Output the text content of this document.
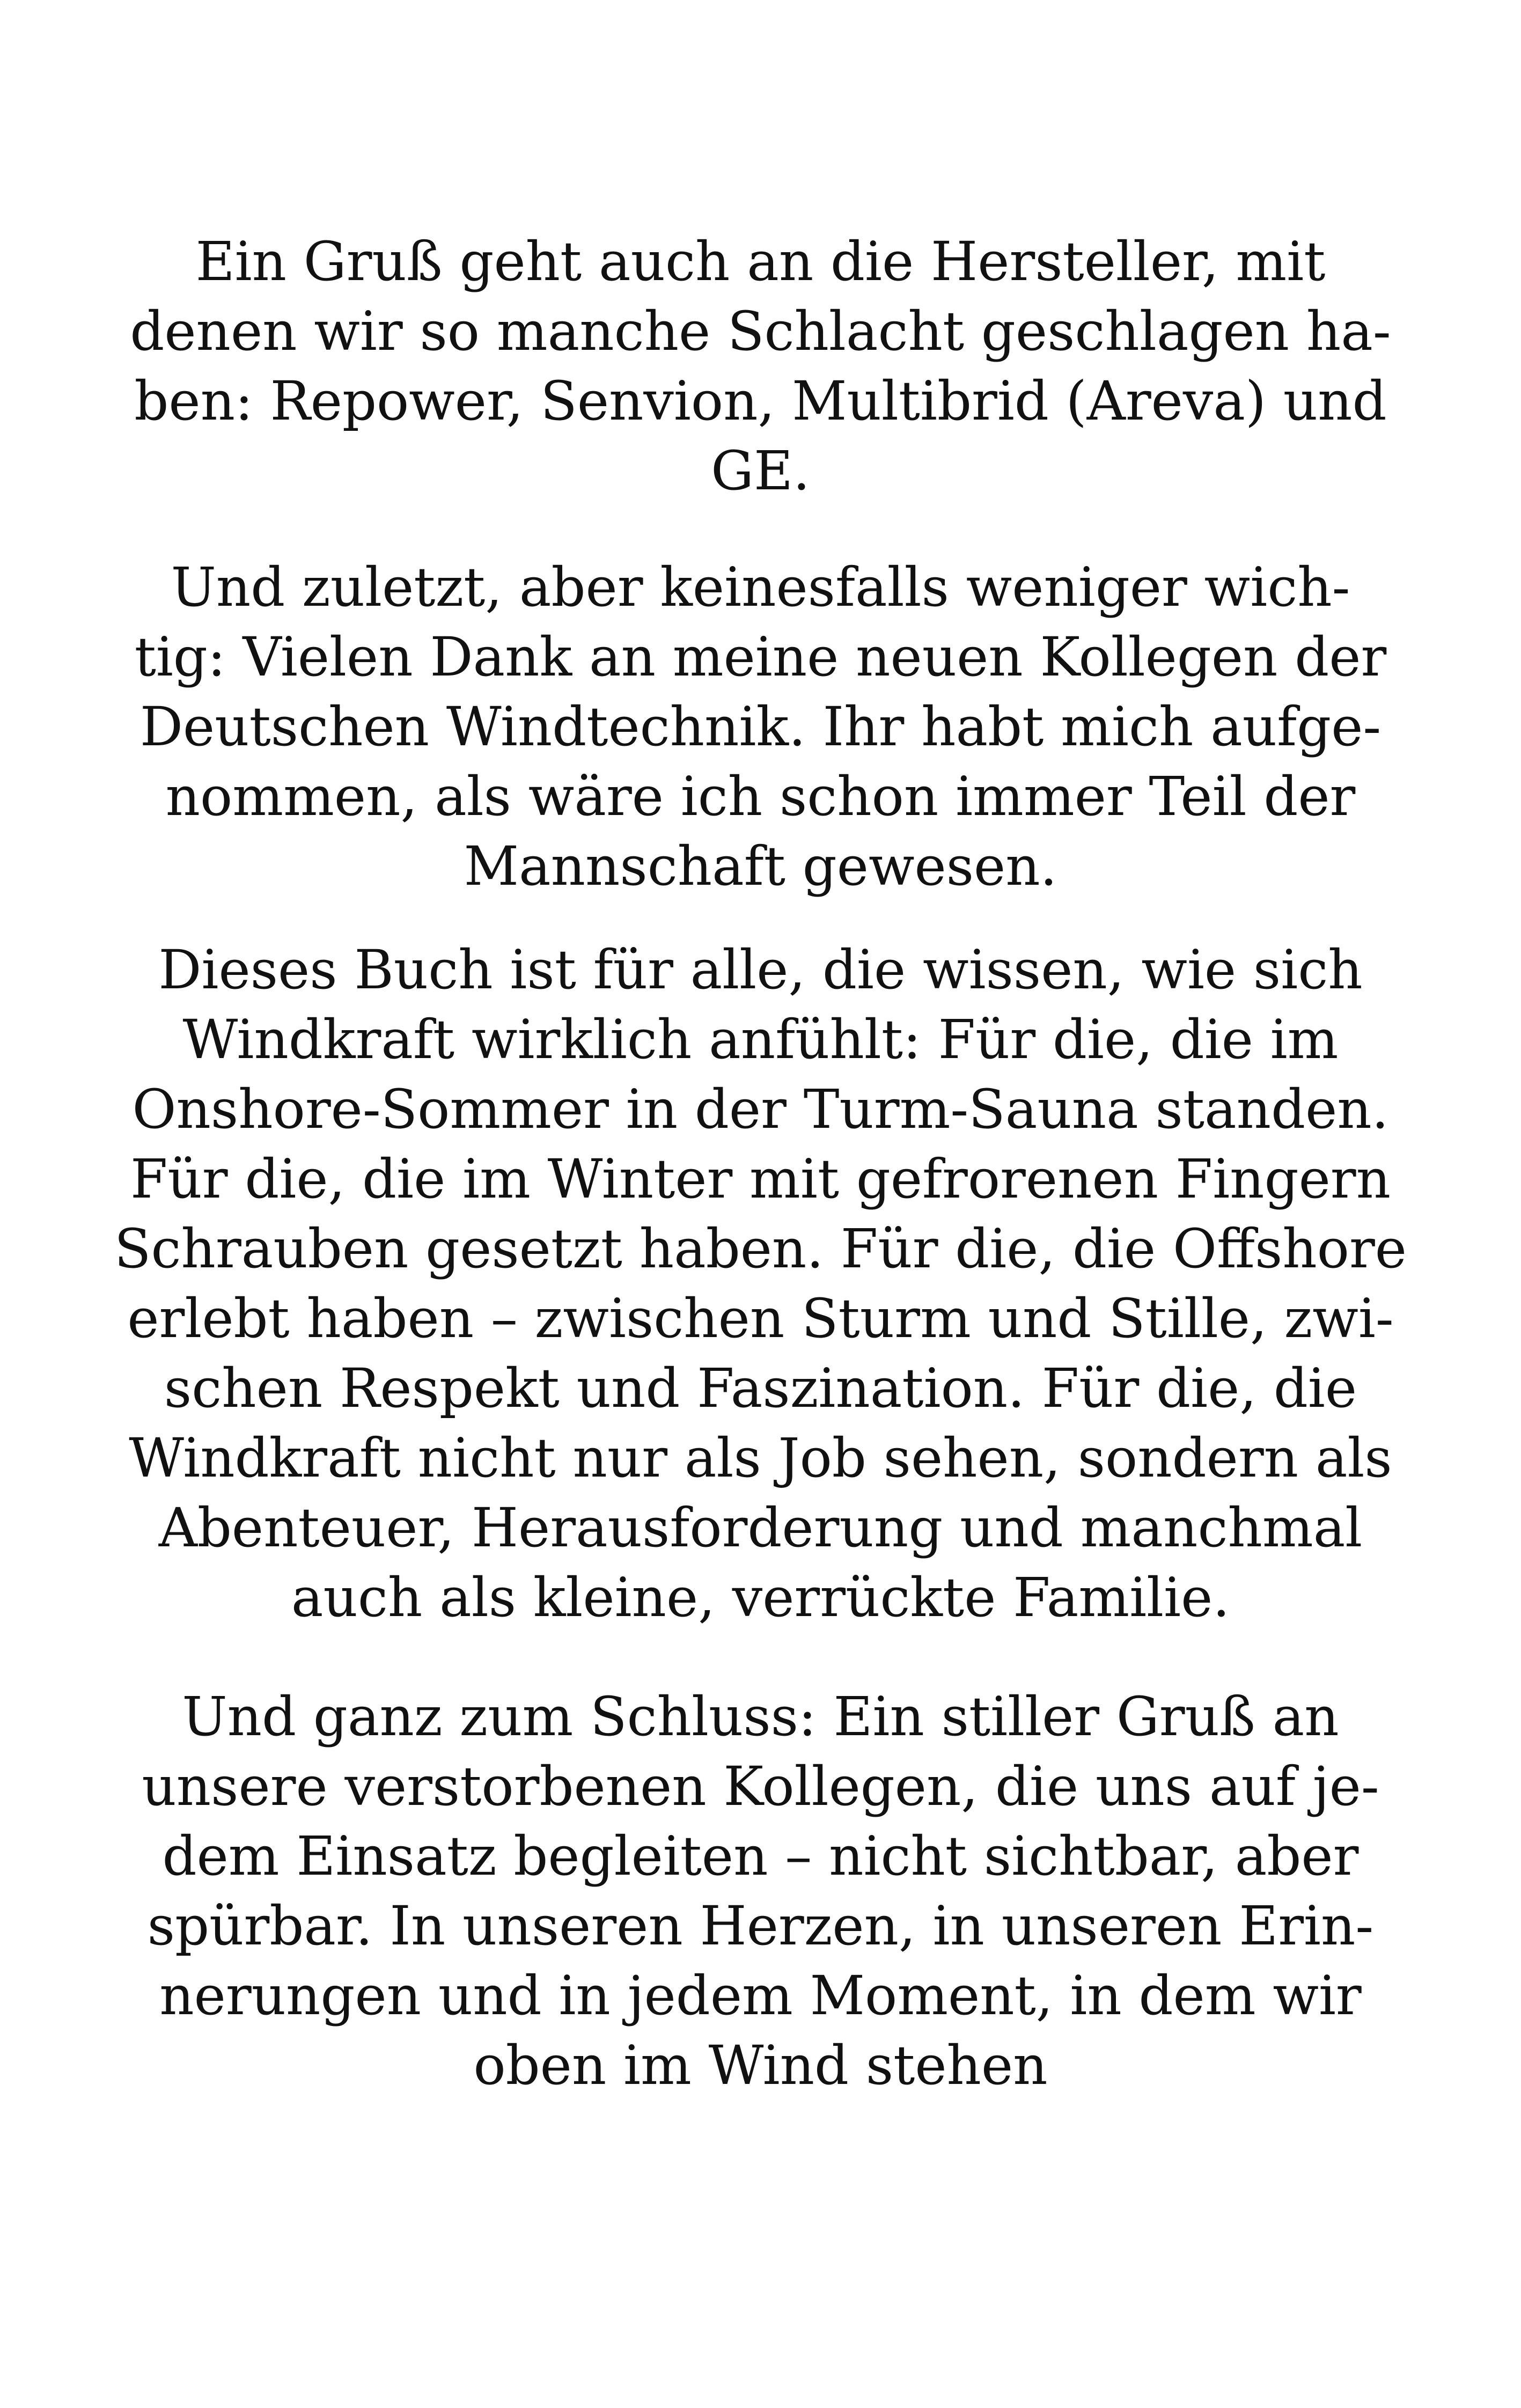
Ein Gruß geht auch an die Hersteller, mit
denen wir so manche Schlacht geschlagen ha-
ben: Repower, Senvion, Multibrid (Areva) und
GE.
Und zuletzt, aber keinesfalls weniger wich-
tig: Vielen Dank an meine neuen Kollegen der
Deutschen Windtechnik. Ihr habt mich aufge-
nommen, als wäre ich schon immer Teil der
Mannschaft gewesen.
Dieses Buch ist für alle, die wissen, wie sich
Windkraft wirklich anfühlt: Für die, die im
Onshore-Sommer in der Turm-Sauna standen.
Für die, die im Winter mit gefrorenen Fingern
Schrauben gesetzt haben. Für die, die Offshore
erlebt haben – zwischen Sturm und Stille, zwi-
schen Respekt und Faszination. Für die, die
Windkraft nicht nur als Job sehen, sondern als
Abenteuer, Herausforderung und manchmal
auch als kleine, verrückte Familie.
Und ganz zum Schluss: Ein stiller Gruß an
unsere verstorbenen Kollegen, die uns auf je-
dem Einsatz begleiten – nicht sichtbar, aber
spürbar. In unseren Herzen, in unseren Erin-
nerungen und in jedem Moment, in dem wir
oben im Wind stehen
